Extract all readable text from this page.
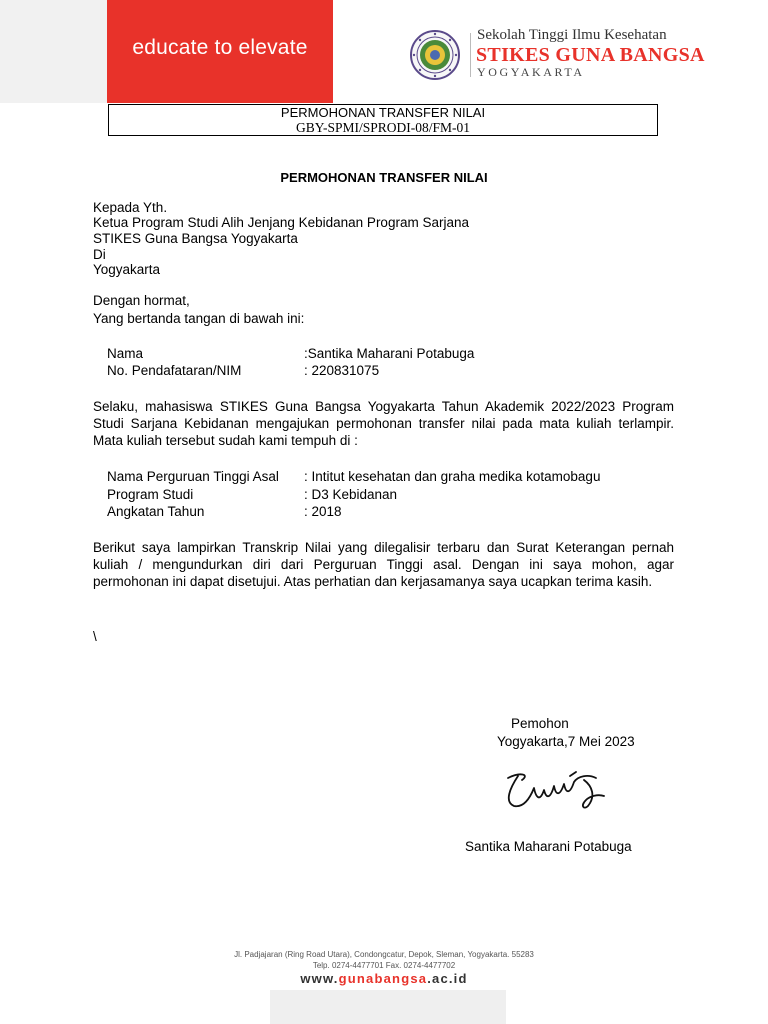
educate to elevate
Sekolah Tinggi Ilmu Kesehatan
STIKES GUNA BANGSA
YOGYAKARTA
PERMOHONAN TRANSFER NILAI
GBY-SPMI/SPRODI-08/FM-01
PERMOHONAN TRANSFER NILAI
Kepada Yth.
Ketua Program Studi Alih Jenjang Kebidanan Program Sarjana
STIKES Guna Bangsa Yogyakarta
Di
Yogyakarta
Dengan hormat,
Yang bertanda tangan di bawah ini:
Nama	:Santika Maharani Potabuga
No. Pendafataran/NIM	: 220831075
Selaku, mahasiswa STIKES Guna Bangsa Yogyakarta Tahun Akademik 2022/2023 Program Studi Sarjana Kebidanan mengajukan permohonan transfer nilai pada mata kuliah terlampir. Mata kuliah tersebut sudah kami tempuh di :
Nama Perguruan Tinggi Asal : Intitut kesehatan dan graha medika kotamobagu
Program Studi	: D3 Kebidanan
Angkatan Tahun	: 2018
Berikut saya lampirkan Transkrip Nilai yang dilegalisir terbaru dan Surat Keterangan pernah kuliah / mengundurkan diri dari Perguruan Tinggi asal. Dengan ini saya mohon, agar permohonan ini dapat disetujui. Atas perhatian dan kerjasamanya saya ucapkan terima kasih.
\
Pemohon
Yogyakarta,7 Mei 2023
Santika Maharani Potabuga
Jl. Padjajaran (Ring Road Utara), Condongcatur, Depok, Sleman, Yogyakarta. 55283
Telp. 0274-4477701 Fax. 0274-4477702
www.gunabangsa.ac.id
